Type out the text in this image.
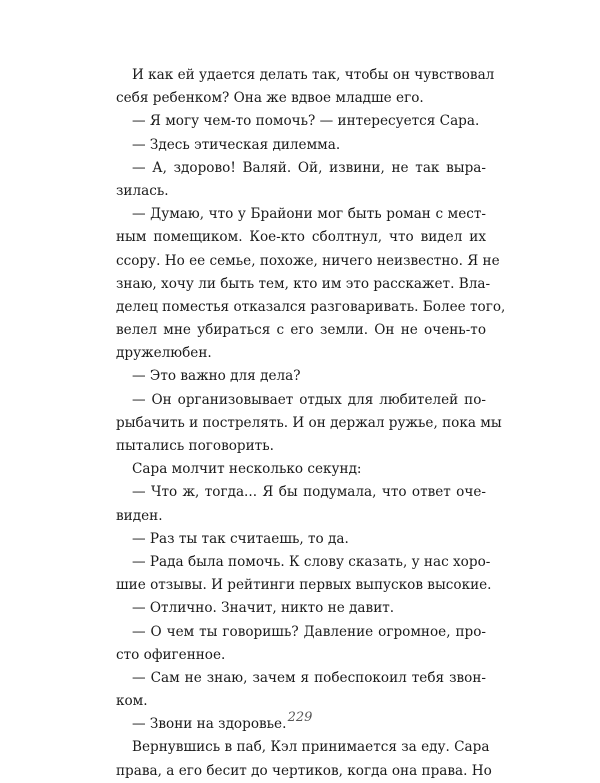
И как ей удается делать так, чтобы он чувствовал
себя ребенком? Она же вдвое младше его.
— Я могу чем-то помочь? — интересуется Сара.
— Здесь этическая дилемма.
— А, здорово! Валяй. Ой, извини, не так выра-
зилась.
— Думаю, что у Брайони мог быть роман с мест-
ным помещиком. Кое-кто сболтнул, что видел их
ссору. Но ее семье, похоже, ничего неизвестно. Я не
знаю, хочу ли быть тем, кто им это расскажет. Вла-
делец поместья отказался разговаривать. Более того,
велел мне убираться с его земли. Он не очень-то
дружелюбен.
— Это важно для дела?
— Он организовывает отдых для любителей по-
рыбачить и пострелять. И он держал ружье, пока мы
пытались поговорить.
Сара молчит несколько секунд:
— Что ж, тогда... Я бы подумала, что ответ оче-
виден.
— Раз ты так считаешь, то да.
— Рада была помочь. К слову сказать, у нас хоро-
шие отзывы. И рейтинги первых выпусков высокие.
— Отлично. Значит, никто не давит.
— О чем ты говоришь? Давление огромное, про-
сто офигенное.
— Сам не знаю, зачем я побеспокоил тебя звон-
ком.
— Звони на здоровье.
Вернувшись в паб, Кэл принимается за еду. Сара
права, а его бесит до чертиков, когда она права. Но
229
